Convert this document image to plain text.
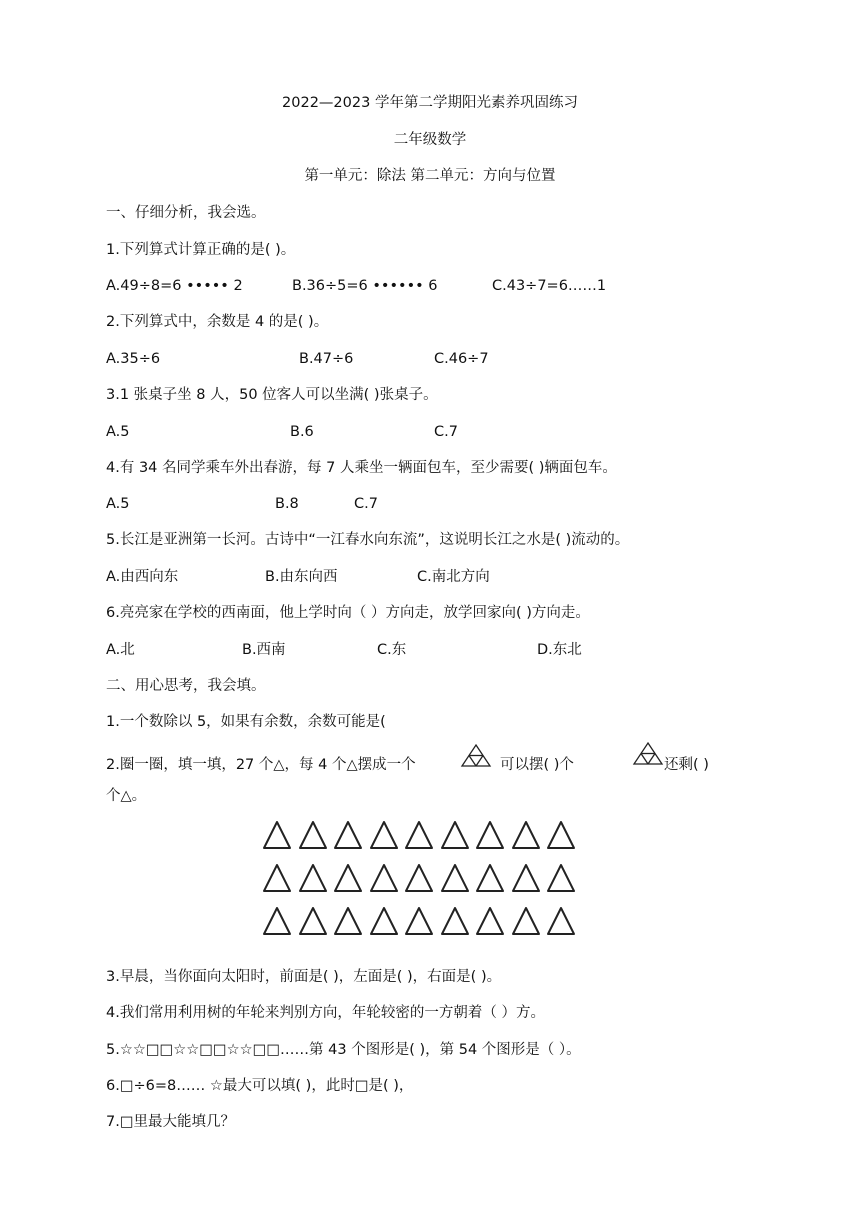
2022—2023 学年第二学期阳光素养巩固练习
二年级数学
第一单元：除法 第二单元：方向与位置
一、仔细分析，我会选。
1.下列算式计算正确的是( )。
A.49÷8=6 ••••• 2	B.36÷5=6 •••••• 6	C.43÷7=6……1
2.下列算式中，余数是 4 的是( )。
A.35÷6	B.47÷6	C.46÷7
3.1 张桌子坐 8 人，50 位客人可以坐满( )张桌子。
A.5	B.6	C.7
4.有 34 名同学乘车外出春游，每 7 人乘坐一辆面包车，至少需要( )辆面包车。
A.5	B.8	C.7
5.长江是亚洲第一长河。古诗中“一江春水向东流”，这说明长江之水是( )流动的。
A.由西向东	B.由东向西	C.南北方向
6.亮亮家在学校的西南面，他上学时向（ ）方向走，放学回家向( )方向走。
A.北	B.西南	C.东	D.东北
二、用心思考，我会填。
1.一个数除以 5，如果有余数，余数可能是(
2.圈一圈，填一填，27 个△，每 4 个△摆成一个	可以摆( )个	还剩( )
个△。
3.早晨，当你面向太阳时，前面是( )，左面是( )，右面是( )。
4.我们常用利用树的年轮来判别方向，年轮较密的一方朝着（ ）方。
5.☆☆□□☆☆□□☆☆□□……第 43 个图形是( )，第 54 个图形是（ ）。
6.□÷6=8…… ☆最大可以填( )，此时□是( )，
7.□里最大能填几？
